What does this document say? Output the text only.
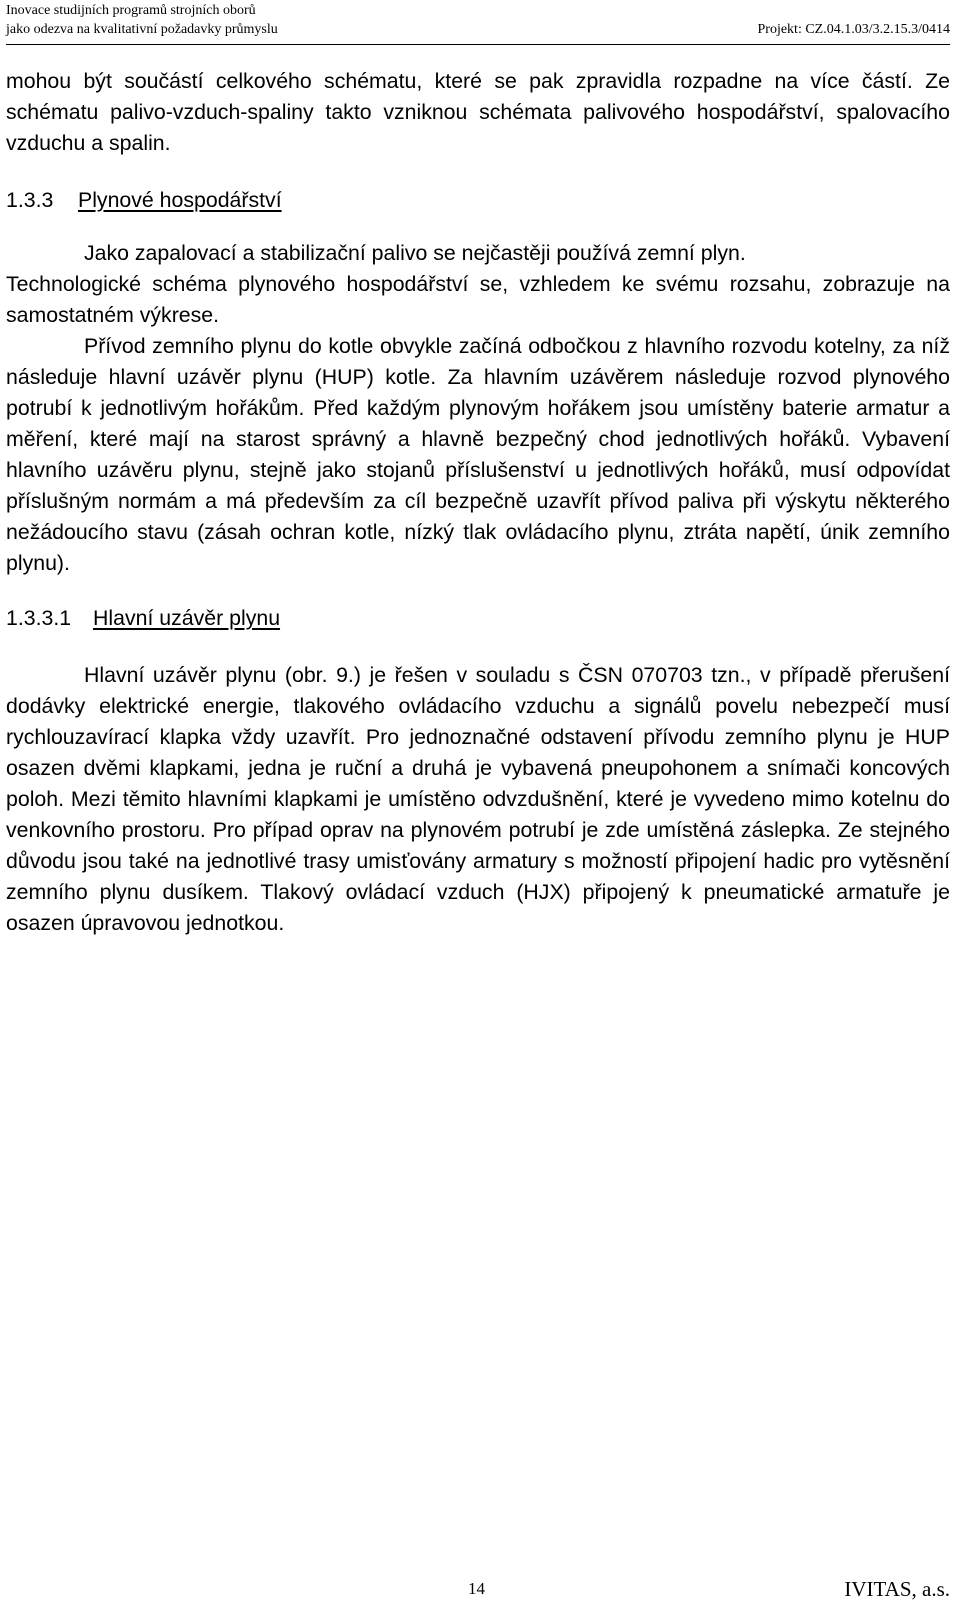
Inovace studijních programů strojních oborů
jako odezva na kvalitativní požadavky průmyslu	Projekt: CZ.04.1.03/3.2.15.3/0414

mohou být součástí celkového schématu, které se pak zpravidla rozpadne na více částí. Ze schématu palivo-vzduch-spaliny takto vzniknou schémata palivového hospodářství, spalovacího vzduchu a spalin.

1.3.3 Plynové hospodářství

Jako zapalovací a stabilizační palivo se nejčastěji používá zemní plyn.

Technologické schéma plynového hospodářství se, vzhledem ke svému rozsahu, zobrazuje na samostatném výkrese.

Přívod zemního plynu do kotle obvykle začíná odbočkou z hlavního rozvodu kotelny, za níž následuje hlavní uzávěr plynu (HUP) kotle. Za hlavním uzávěrem následuje rozvod plynového potrubí k jednotlivým hořákům. Před každým plynovým hořákem jsou umístěny baterie armatur a měření, které mají na starost správný a hlavně bezpečný chod jednotlivých hořáků. Vybavení hlavního uzávěru plynu, stejně jako stojanů příslušenství u jednotlivých hořáků, musí odpovídat příslušným normám a má především za cíl bezpečně uzavřít přívod paliva při výskytu některého nežádoucího stavu (zásah ochran kotle, nízký tlak ovládacího plynu, ztráta napětí, únik zemního plynu).

1.3.3.1 Hlavní uzávěr plynu

Hlavní uzávěr plynu (obr. 9.) je řešen v souladu s ČSN 070703 tzn., v případě přerušení dodávky elektrické energie, tlakového ovládacího vzduchu a signálů povelu nebezpečí musí rychlouzavírací klapka vždy uzavřít. Pro jednoznačné odstavení přívodu zemního plynu je HUP osazen dvěmi klapkami, jedna je ruční a druhá je vybavená pneupohonem a snímači koncových poloh. Mezi těmito hlavními klapkami je umístěno odvzdušnění, které je vyvedeno mimo kotelnu do venkovního prostoru. Pro případ oprav na plynovém potrubí je zde umístěná záslepka. Ze stejného důvodu jsou také na jednotlivé trasy umisťovány armatury s možností připojení hadic pro vytěsnění zemního plynu dusíkem. Tlakový ovládací vzduch (HJX) připojený k pneumatické armatuře je osazen úpravovou jednotkou.

14	IVITAS, a.s.
